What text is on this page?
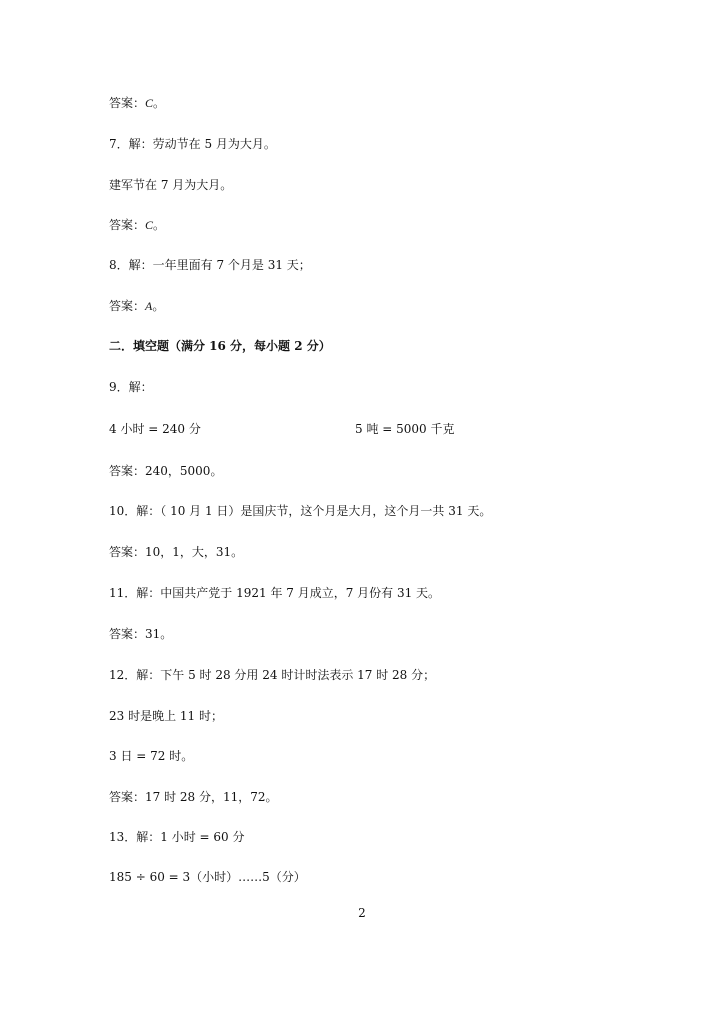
答案：C。
7．解：劳动节在 5 月为大月。
建军节在 7 月为大月。
答案：C。
8．解：一年里面有 7 个月是 31 天；
答案：A。
二．填空题（满分 16 分，每小题 2 分）
9．解：
4 小时 = 240 分	5 吨 = 5000 千克
答案：240，5000。
10．解：（ 10 月 1 日）是国庆节，这个月是大月，这个月一共 31 天。
答案：10，1，大，31。
11．解：中国共产党于 1921 年 7 月成立，7 月份有 31 天。
答案：31。
12．解：下午 5 时 28 分用 24 时计时法表示 17 时 28 分；
23 时是晚上 11 时；
3 日 = 72 时。
答案：17 时 28 分，11，72。
13．解：1 小时 = 60 分
185 ÷ 60 = 3（小时）……5（分）
2
